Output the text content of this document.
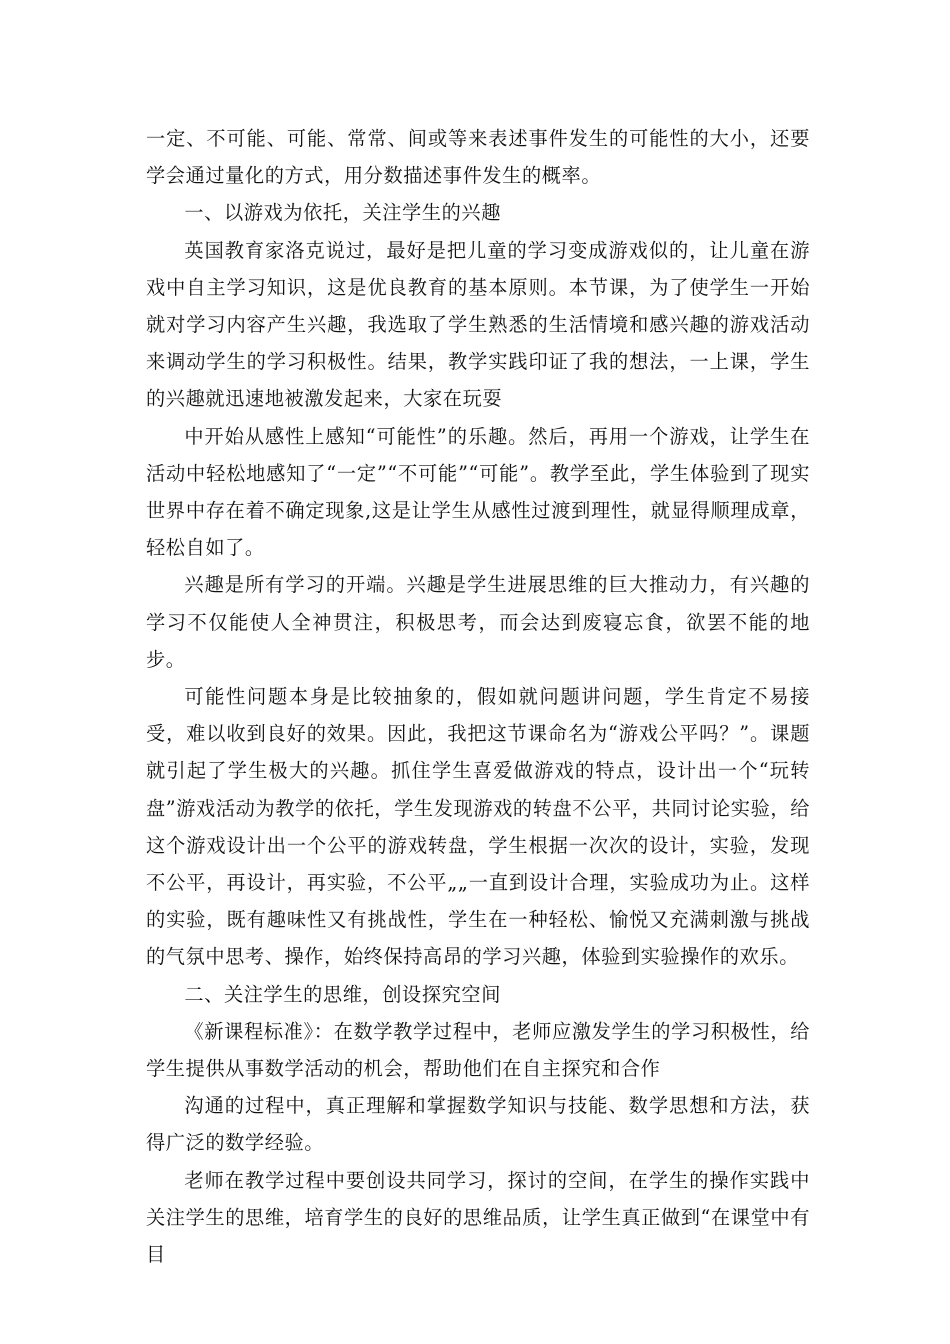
一定、不可能、可能、常常、间或等来表述事件发生的可能性的大小，还要学会通过量化的方式，用分数描述事件发生的概率。

一、以游戏为依托，关注学生的兴趣

英国教育家洛克说过，最好是把儿童的学习变成游戏似的，让儿童在游戏中自主学习知识，这是优良教育的基本原则。本节课，为了使学生一开始就对学习内容产生兴趣，我选取了学生熟悉的生活情境和感兴趣的游戏活动来调动学生的学习积极性。结果，教学实践印证了我的想法，一上课，学生的兴趣就迅速地被激发起来，大家在玩耍

中开始从感性上感知“可能性”的乐趣。然后，再用一个游戏，让学生在活动中轻松地感知了“一定”“不可能”“可能”。教学至此，学生体验到了现实世界中存在着不确定现象,这是让学生从感性过渡到理性，就显得顺理成章，轻松自如了。

兴趣是所有学习的开端。兴趣是学生进展思维的巨大推动力，有兴趣的学习不仅能使人全神贯注，积极思考，而会达到废寝忘食，欲罢不能的地步。

可能性问题本身是比较抽象的，假如就问题讲问题，学生肯定不易接受，难以收到良好的效果。因此，我把这节课命名为“游戏公平吗？”。课题就引起了学生极大的兴趣。抓住学生喜爱做游戏的特点，设计出一个“玩转盘”游戏活动为教学的依托，学生发现游戏的转盘不公平，共同讨论实验，给这个游戏设计出一个公平的游戏转盘，学生根据一次次的设计，实验，发现不公平，再设计，再实验，不公平„„一直到设计合理，实验成功为止。这样的实验，既有趣味性又有挑战性，学生在一种轻松、愉悦又充满刺激与挑战的气氛中思考、操作，始终保持高昂的学习兴趣，体验到实验操作的欢乐。

二、关注学生的思维，创设探究空间

《新课程标准》：在数学教学过程中，老师应激发学生的学习积极性，给学生提供从事数学活动的机会，帮助他们在自主探究和合作

沟通的过程中，真正理解和掌握数学知识与技能、数学思想和方法，获得广泛的数学经验。

老师在教学过程中要创设共同学习，探讨的空间，在学生的操作实践中关注学生的思维，培育学生的良好的思维品质，让学生真正做到“在课堂中有目
